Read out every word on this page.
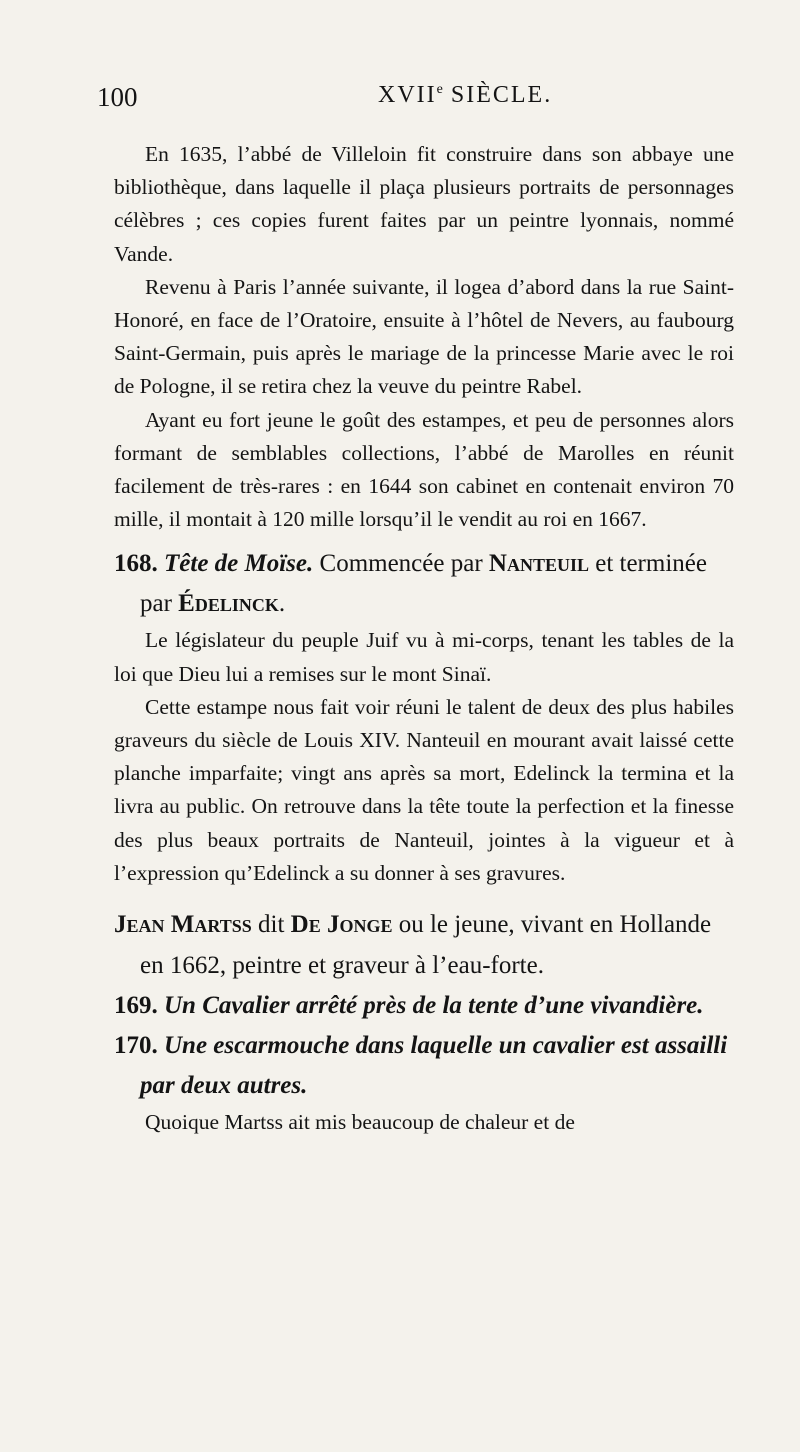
100	XVIIe SIÈCLE.

En 1635, l’abbé de Villeloin fit construire dans son abbaye une bibliothèque, dans laquelle il plaça plusieurs portraits de personnages célèbres ; ces copies furent faites par un peintre lyonnais, nommé Vande.

Revenu à Paris l’année suivante, il logea d’abord dans la rue Saint-Honoré, en face de l’Oratoire, ensuite à l’hôtel de Nevers, au faubourg Saint-Germain, puis après le mariage de la princesse Marie avec le roi de Pologne, il se retira chez la veuve du peintre Rabel.

Ayant eu fort jeune le goût des estampes, et peu de personnes alors formant de semblables collections, l’abbé de Marolles en réunit facilement de très-rares : en 1644 son cabinet en contenait environ 70 mille, il montait à 120 mille lorsqu’il le vendit au roi en 1667.

168. Tête de Moïse. Commencée par Nanteuil et terminée par Édelinck.

Le législateur du peuple Juif vu à mi-corps, tenant les tables de la loi que Dieu lui a remises sur le mont Sinaï.

Cette estampe nous fait voir réuni le talent de deux des plus habiles graveurs du siècle de Louis XIV. Nanteuil en mourant avait laissé cette planche imparfaite; vingt ans après sa mort, Edelinck la termina et la livra au public. On retrouve dans la tête toute la perfection et la finesse des plus beaux portraits de Nanteuil, jointes à la vigueur et à l’expression qu’Edelinck a su donner à ses gravures.

Jean Martss dit De Jonge ou le jeune, vivant en Hollande en 1662, peintre et graveur à l’eau-forte.

169. Un Cavalier arrêté près de la tente d’une vivandière.

170. Une escarmouche dans laquelle un cavalier est assailli par deux autres.

Quoique Martss ait mis beaucoup de chaleur et de
